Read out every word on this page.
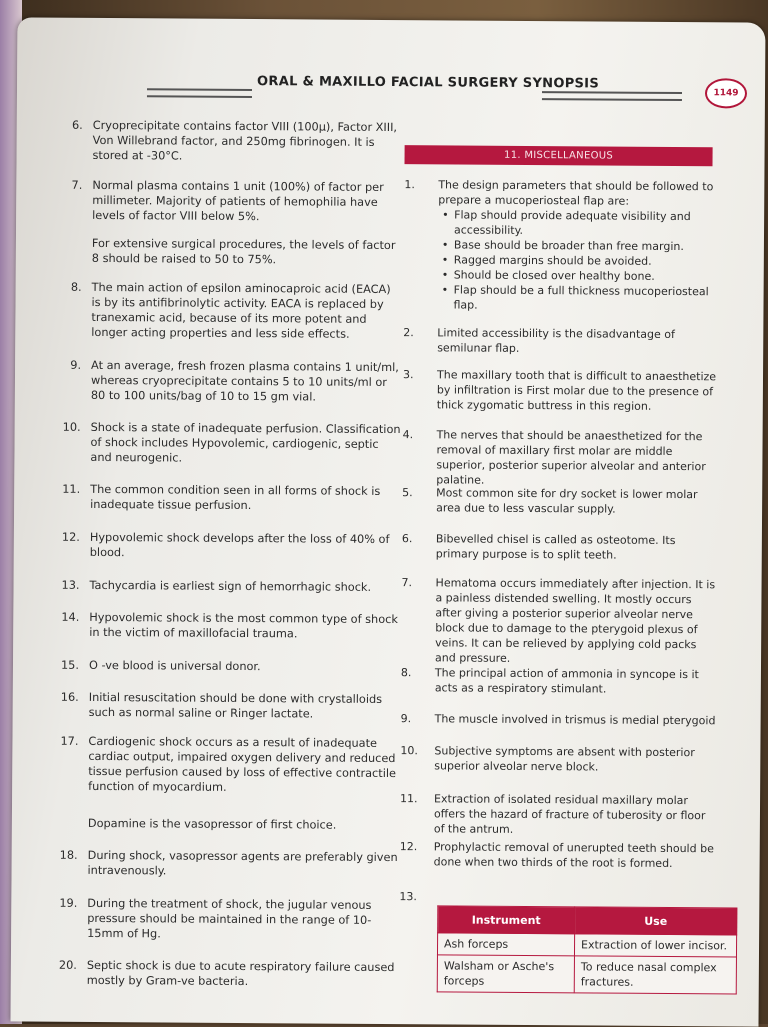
ORAL & MAXILLO FACIAL SURGERY SYNOPSIS
1149
6. Cryoprecipitate contains factor VIII (100μ), Factor XIII, Von Willebrand factor, and 250mg fibrinogen. It is stored at -30°C.
7. Normal plasma contains 1 unit (100%) of factor per millimeter. Majority of patients of hemophilia have levels of factor VIII below 5%.
For extensive surgical procedures, the levels of factor 8 should be raised to 50 to 75%.
8. The main action of epsilon aminocaproic acid (EACA) is by its antifibrinolytic activity. EACA is replaced by tranexamic acid, because of its more potent and longer acting properties and less side effects.
9. At an average, fresh frozen plasma contains 1 unit/ml, whereas cryoprecipitate contains 5 to 10 units/ml or 80 to 100 units/bag of 10 to 15 gm vial.
10. Shock is a state of inadequate perfusion. Classification of shock includes Hypovolemic, cardiogenic, septic and neurogenic.
11. The common condition seen in all forms of shock is inadequate tissue perfusion.
12. Hypovolemic shock develops after the loss of 40% of blood.
13. Tachycardia is earliest sign of hemorrhagic shock.
14. Hypovolemic shock is the most common type of shock in the victim of maxillofacial trauma.
15. O -ve blood is universal donor.
16. Initial resuscitation should be done with crystalloids such as normal saline or Ringer lactate.
17. Cardiogenic shock occurs as a result of inadequate cardiac output, impaired oxygen delivery and reduced tissue perfusion caused by loss of effective contractile function of myocardium.
Dopamine is the vasopressor of first choice.
18. During shock, vasopressor agents are preferably given intravenously.
19. During the treatment of shock, the jugular venous pressure should be maintained in the range of 10-15mm of Hg.
20. Septic shock is due to acute respiratory failure caused mostly by Gram-ve bacteria.
11. MISCELLANEOUS
1.	The design parameters that should be followed to prepare a mucoperiosteal flap are:
• Flap should provide adequate visibility and accessibility.
• Base should be broader than free margin.
• Ragged margins should be avoided.
• Should be closed over healthy bone.
• Flap should be a full thickness mucoperiosteal flap.
2.	Limited accessibility is the disadvantage of semilunar flap.
3.	The maxillary tooth that is difficult to anaesthetize by infiltration is First molar due to the presence of thick zygomatic buttress in this region.
4.	The nerves that should be anaesthetized for the removal of maxillary first molar are middle superior, posterior superior alveolar and anterior palatine.
5.	Most common site for dry socket is lower molar area due to less vascular supply.
6.	Bibevelled chisel is called as osteotome. Its primary purpose is to split teeth.
7.	Hematoma occurs immediately after injection. It is a painless distended swelling. It mostly occurs after giving a posterior superior alveolar nerve block due to damage to the pterygoid plexus of veins. It can be relieved by applying cold packs and pressure.
8.	The principal action of ammonia in syncope is it acts as a respiratory stimulant.
9.	The muscle involved in trismus is medial pterygoid
10. Subjective symptoms are absent with posterior superior alveolar nerve block.
11. Extraction of isolated residual maxillary molar offers the hazard of fracture of tuberosity or floor of the antrum.
12. Prophylactic removal of unerupted teeth should be done when two thirds of the root is formed.
13.
Instrument	Use
Ash forceps	Extraction of lower incisor.
Walsham or Asche's forceps	To reduce nasal complex fractures.
